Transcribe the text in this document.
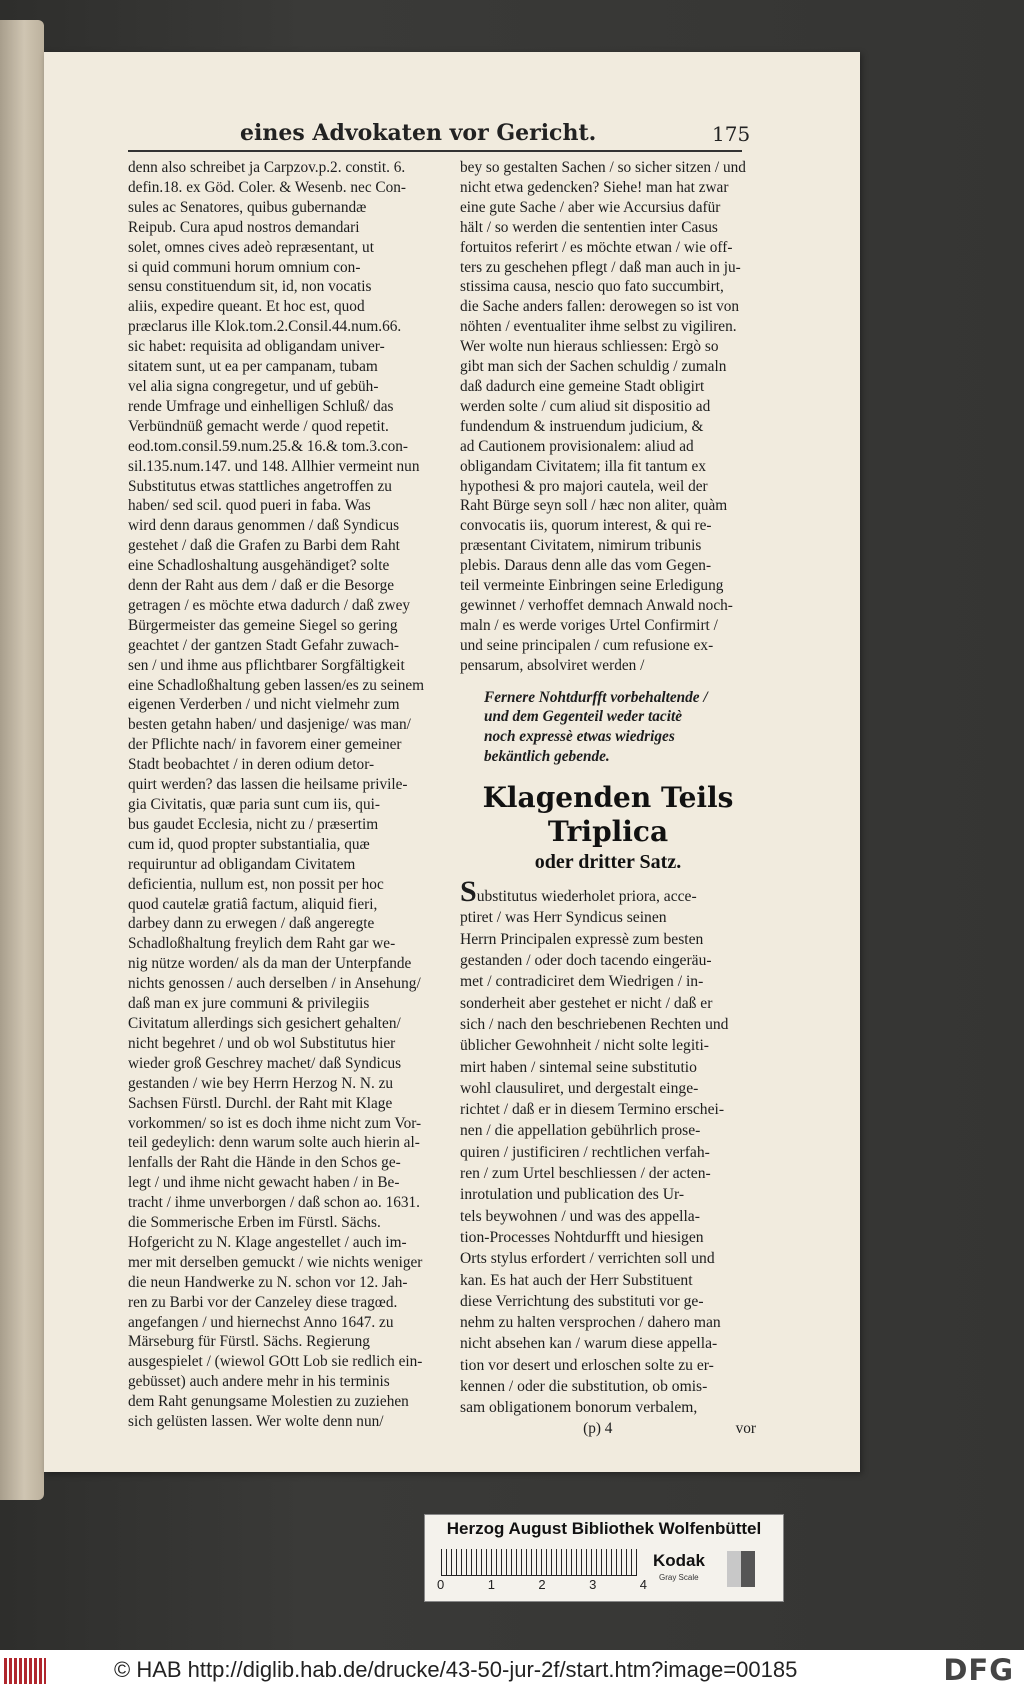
eines Advokaten vor Gericht.	175
denn also schreibet ja Carpzov.p.2. constit. 6.
defin.18. ex Göd. Coler. & Wesenb. nec Con-
sules ac Senatores, quibus gubernandæ
Reipub. Cura apud nostros demandari
solet, omnes cives adeò repræsentant, ut
si quid communi horum omnium con-
sensu constituendum sit, id, non vocatis
aliis, expedire queant. Et hoc est, quod
præclarus ille Klok.tom.2.Consil.44.num.66.
sic habet: requisita ad obligandam univer-
sitatem sunt, ut ea per campanam, tubam
vel alia signa congregetur, und uf gebüh-
rende Umfrage und einhelligen Schluß/ das
Verbündnüß gemacht werde / quod repetit.
eod.tom.consil.59.num.25.& 16.& tom.3.con-
sil.135.num.147. und 148. Allhier vermeint nun
Substitutus etwas stattliches angetroffen zu
haben/ sed scil. quod pueri in faba. Was
wird denn daraus genommen / daß Syndicus
gestehet / daß die Grafen zu Barbi dem Raht
eine Schadloshaltung ausgehändiget? solte
denn der Raht aus dem / daß er die Besorge
getragen / es möchte etwa dadurch / daß zwey
Bürgermeister das gemeine Siegel so gering
geachtet / der gantzen Stadt Gefahr zuwach-
sen / und ihme aus pflichtbarer Sorgfältigkeit
eine Schadloßhaltung geben lassen/es zu seinem
eigenen Verderben / und nicht vielmehr zum
besten getahn haben/ und dasjenige/ was man/
der Pflichte nach/ in favorem einer gemeiner
Stadt beobachtet / in deren odium detor-
quirt werden? das lassen die heilsame privile-
gia Civitatis, quæ paria sunt cum iis, qui-
bus gaudet Ecclesia, nicht zu / præsertim
cum id, quod propter substantialia, quæ
requiruntur ad obligandam Civitatem
deficientia, nullum est, non possit per hoc
quod cautelæ gratiâ factum, aliquid fieri,
darbey dann zu erwegen / daß angeregte
Schadloßhaltung freylich dem Raht gar we-
nig nütze worden/ als da man der Unterpfande
nichts genossen / auch derselben / in Ansehung/
daß man ex jure communi & privilegiis
Civitatum allerdings sich gesichert gehalten/
nicht begehret / und ob wol Substitutus hier
wieder groß Geschrey machet/ daß Syndicus
gestanden / wie bey Herrn Herzog N. N. zu
Sachsen Fürstl. Durchl. der Raht mit Klage
vorkommen/ so ist es doch ihme nicht zum Vor-
teil gedeylich: denn warum solte auch hierin al-
lenfalls der Raht die Hände in den Schos ge-
legt / und ihme nicht gewacht haben / in Be-
tracht / ihme unverborgen / daß schon ao. 1631.
die Sommerische Erben im Fürstl. Sächs.
Hofgericht zu N. Klage angestellet / auch im-
mer mit derselben gemuckt / wie nichts weniger
die neun Handwerke zu N. schon vor 12. Jah-
ren zu Barbi vor der Canzeley diese tragœd.
angefangen / und hiernechst Anno 1647. zu
Märseburg für Fürstl. Sächs. Regierung
ausgespielet / (wiewol GOtt Lob sie redlich ein-
gebüsset) auch andere mehr in his terminis
dem Raht genungsame Molestien zu zuziehen
sich gelüsten lassen. Wer wolte denn nun/
bey so gestalten Sachen / so sicher sitzen / und
nicht etwa gedencken? Siehe! man hat zwar
eine gute Sache / aber wie Accursius dafür
hält / so werden die sententien inter Casus
fortuitos referirt / es möchte etwan / wie off-
ters zu geschehen pflegt / daß man auch in ju-
stissima causa, nescio quo fato succumbirt,
die Sache anders fallen: derowegen so ist von
nöhten / eventualiter ihme selbst zu vigiliren.
Wer wolte nun hieraus schliessen: Ergò so
gibt man sich der Sachen schuldig / zumaln
daß dadurch eine gemeine Stadt obligirt
werden solte / cum aliud sit dispositio ad
fundendum & instruendum judicium, &
ad Cautionem provisionalem: aliud ad
obligandam Civitatem; illa fit tantum ex
hypothesi & pro majori cautela, weil der
Raht Bürge seyn soll / hæc non aliter, quàm
convocatis iis, quorum interest, & qui re-
præsentant Civitatem, nimirum tribunis
plebis. Daraus denn alle das vom Gegen-
teil vermeinte Einbringen seine Erledigung
gewinnet / verhoffet demnach Anwald noch-
maln / es werde voriges Urtel Confirmirt /
und seine principalen / cum refusione ex-
pensarum, absolviret werden /
Fernere Nohtdurfft vorbehaltende /
und dem Gegenteil weder tacitè
noch expressè etwas wiedriges
bekäntlich gebende.
Klagenden Teils Triplica
oder dritter Satz.
Substitutus wiederholet priora, acce-
ptiret / was Herr Syndicus seinen
Herrn Principalen expressè zum besten
gestanden / oder doch tacendo eingeräu-
met / contradiciret dem Wiedrigen / in-
sonderheit aber gestehet er nicht / daß er
sich / nach den beschriebenen Rechten und
üblicher Gewohnheit / nicht solte legiti-
mirt haben / sintemal seine substitutio
wohl clausuliret, und dergestalt einge-
richtet / daß er in diesem Termino erschei-
nen / die appellation gebührlich prose-
quiren / justificiren / rechtlichen verfah-
ren / zum Urtel beschliessen / der acten-
inrotulation und publication des Ur-
tels beywohnen / und was des appella-
tion-Processes Nohtdurfft und hiesigen
Orts stylus erfordert / verrichten soll und
kan. Es hat auch der Herr Substituent
diese Verrichtung des substituti vor ge-
nehm zu halten versprochen / dahero man
nicht absehen kan / warum diese appella-
tion vor desert und erloschen solte zu er-
kennen / oder die substitution, ob omis-
sam obligationem bonorum verbalem,
(p) 4	vor
Herzog August Bibliothek Wolfenbüttel
0	1	2	3	4
Kodak
Gray Scale
© HAB http://diglib.hab.de/drucke/43-50-jur-2f/start.htm?image=00185	DFG
